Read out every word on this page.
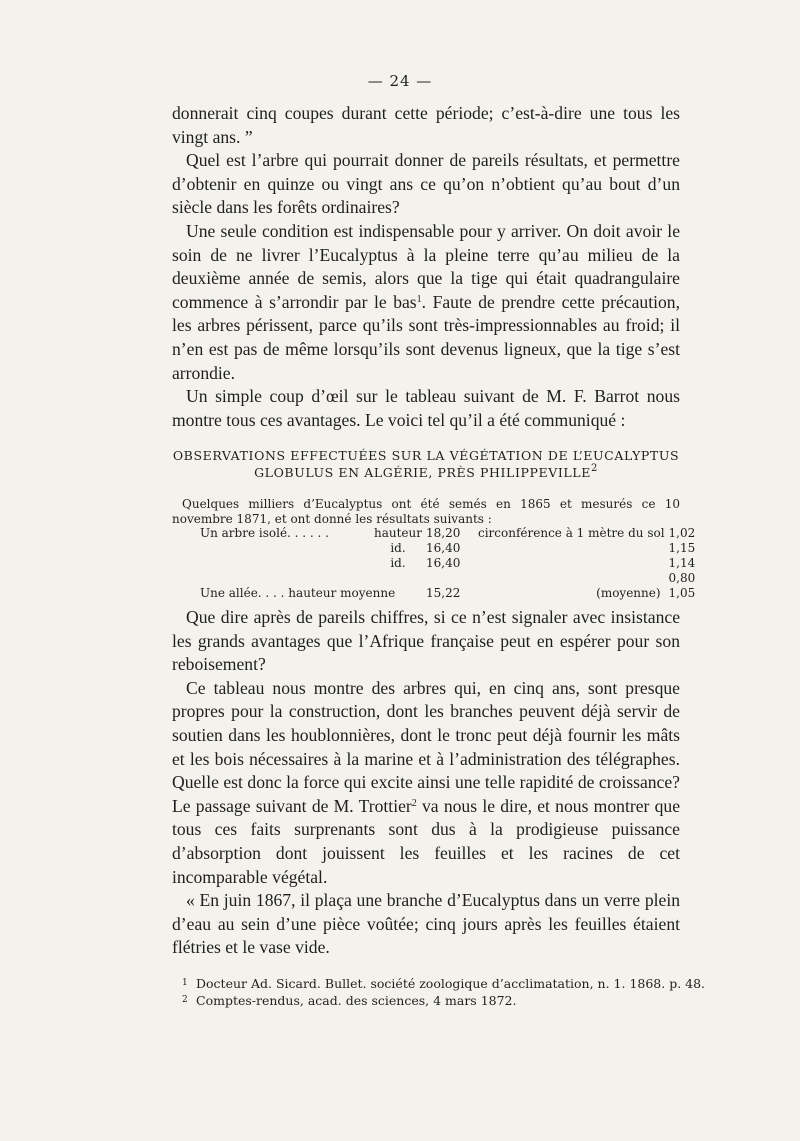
— 24 —

donnerait cinq coupes durant cette période; c’est-à-dire une tous les vingt ans. ”

Quel est l’arbre qui pourrait donner de pareils résultats, et permettre d’obtenir en quinze ou vingt ans ce qu’on n’obtient qu’au bout d’un siècle dans les forêts ordinaires?

Une seule condition est indispensable pour y arriver. On doit avoir le soin de ne livrer l’Eucalyptus à la pleine terre qu’au milieu de la deuxième année de semis, alors que la tige qui était quadrangulaire commence à s’arrondir par le bas$^1$. Faute de prendre cette précaution, les arbres périssent, parce qu’ils sont très-impressionnables au froid; il n’en est pas de même lorsqu’ils sont devenus ligneux, que la tige s’est arrondie.

Un simple coup d’œil sur le tableau suivant de M. F. Barrot nous montre tous ces avantages. Le voici tel qu’il a été communiqué :

OBSERVATIONS EFFECTUÉES SUR LA VÉGÉTATION DE L’EUCALYPTUS
GLOBULUS EN ALGÉRIE, PRÈS PHILIPPEVILLE$^2$
Quelques milliers d’Eucalyptus ont été semés en 1865 et mesurés ce 10 novembre 1871, et ont donné les résultats suivants :
Un arbre isolé. . . . . .	hauteur	18,20	circonférence à 1 mètre du sol	1,02
	id.	16,40		1,15
	id.	16,40		1,14
				0,80
Une allée. . . . hauteur moyenne		15,22	(moyenne)	1,05

Que dire après de pareils chiffres, si ce n’est signaler avec insistance les grands avantages que l’Afrique française peut en espérer pour son reboisement?

Ce tableau nous montre des arbres qui, en cinq ans, sont presque propres pour la construction, dont les branches peuvent déjà servir de soutien dans les houblonnières, dont le tronc peut déjà fournir les mâts et les bois nécessaires à la marine et à l’administration des télégraphes. Quelle est donc la force qui excite ainsi une telle rapidité de croissance? Le passage suivant de M. Trottier$^2$ va nous le dire, et nous montrer que tous ces faits surprenants sont dus à la prodigieuse puissance d’absorption dont jouissent les feuilles et les racines de cet incomparable végétal.

« En juin 1867, il plaça une branche d’Eucalyptus dans un verre plein d’eau au sein d’une pièce voûtée; cinq jours après les feuilles étaient flétries et le vase vide.

1 Docteur Ad. Sicard. Bullet. société zoologique d’acclimatation, n. 1. 1868. p. 48.
2 Comptes-rendus, acad. des sciences, 4 mars 1872.
